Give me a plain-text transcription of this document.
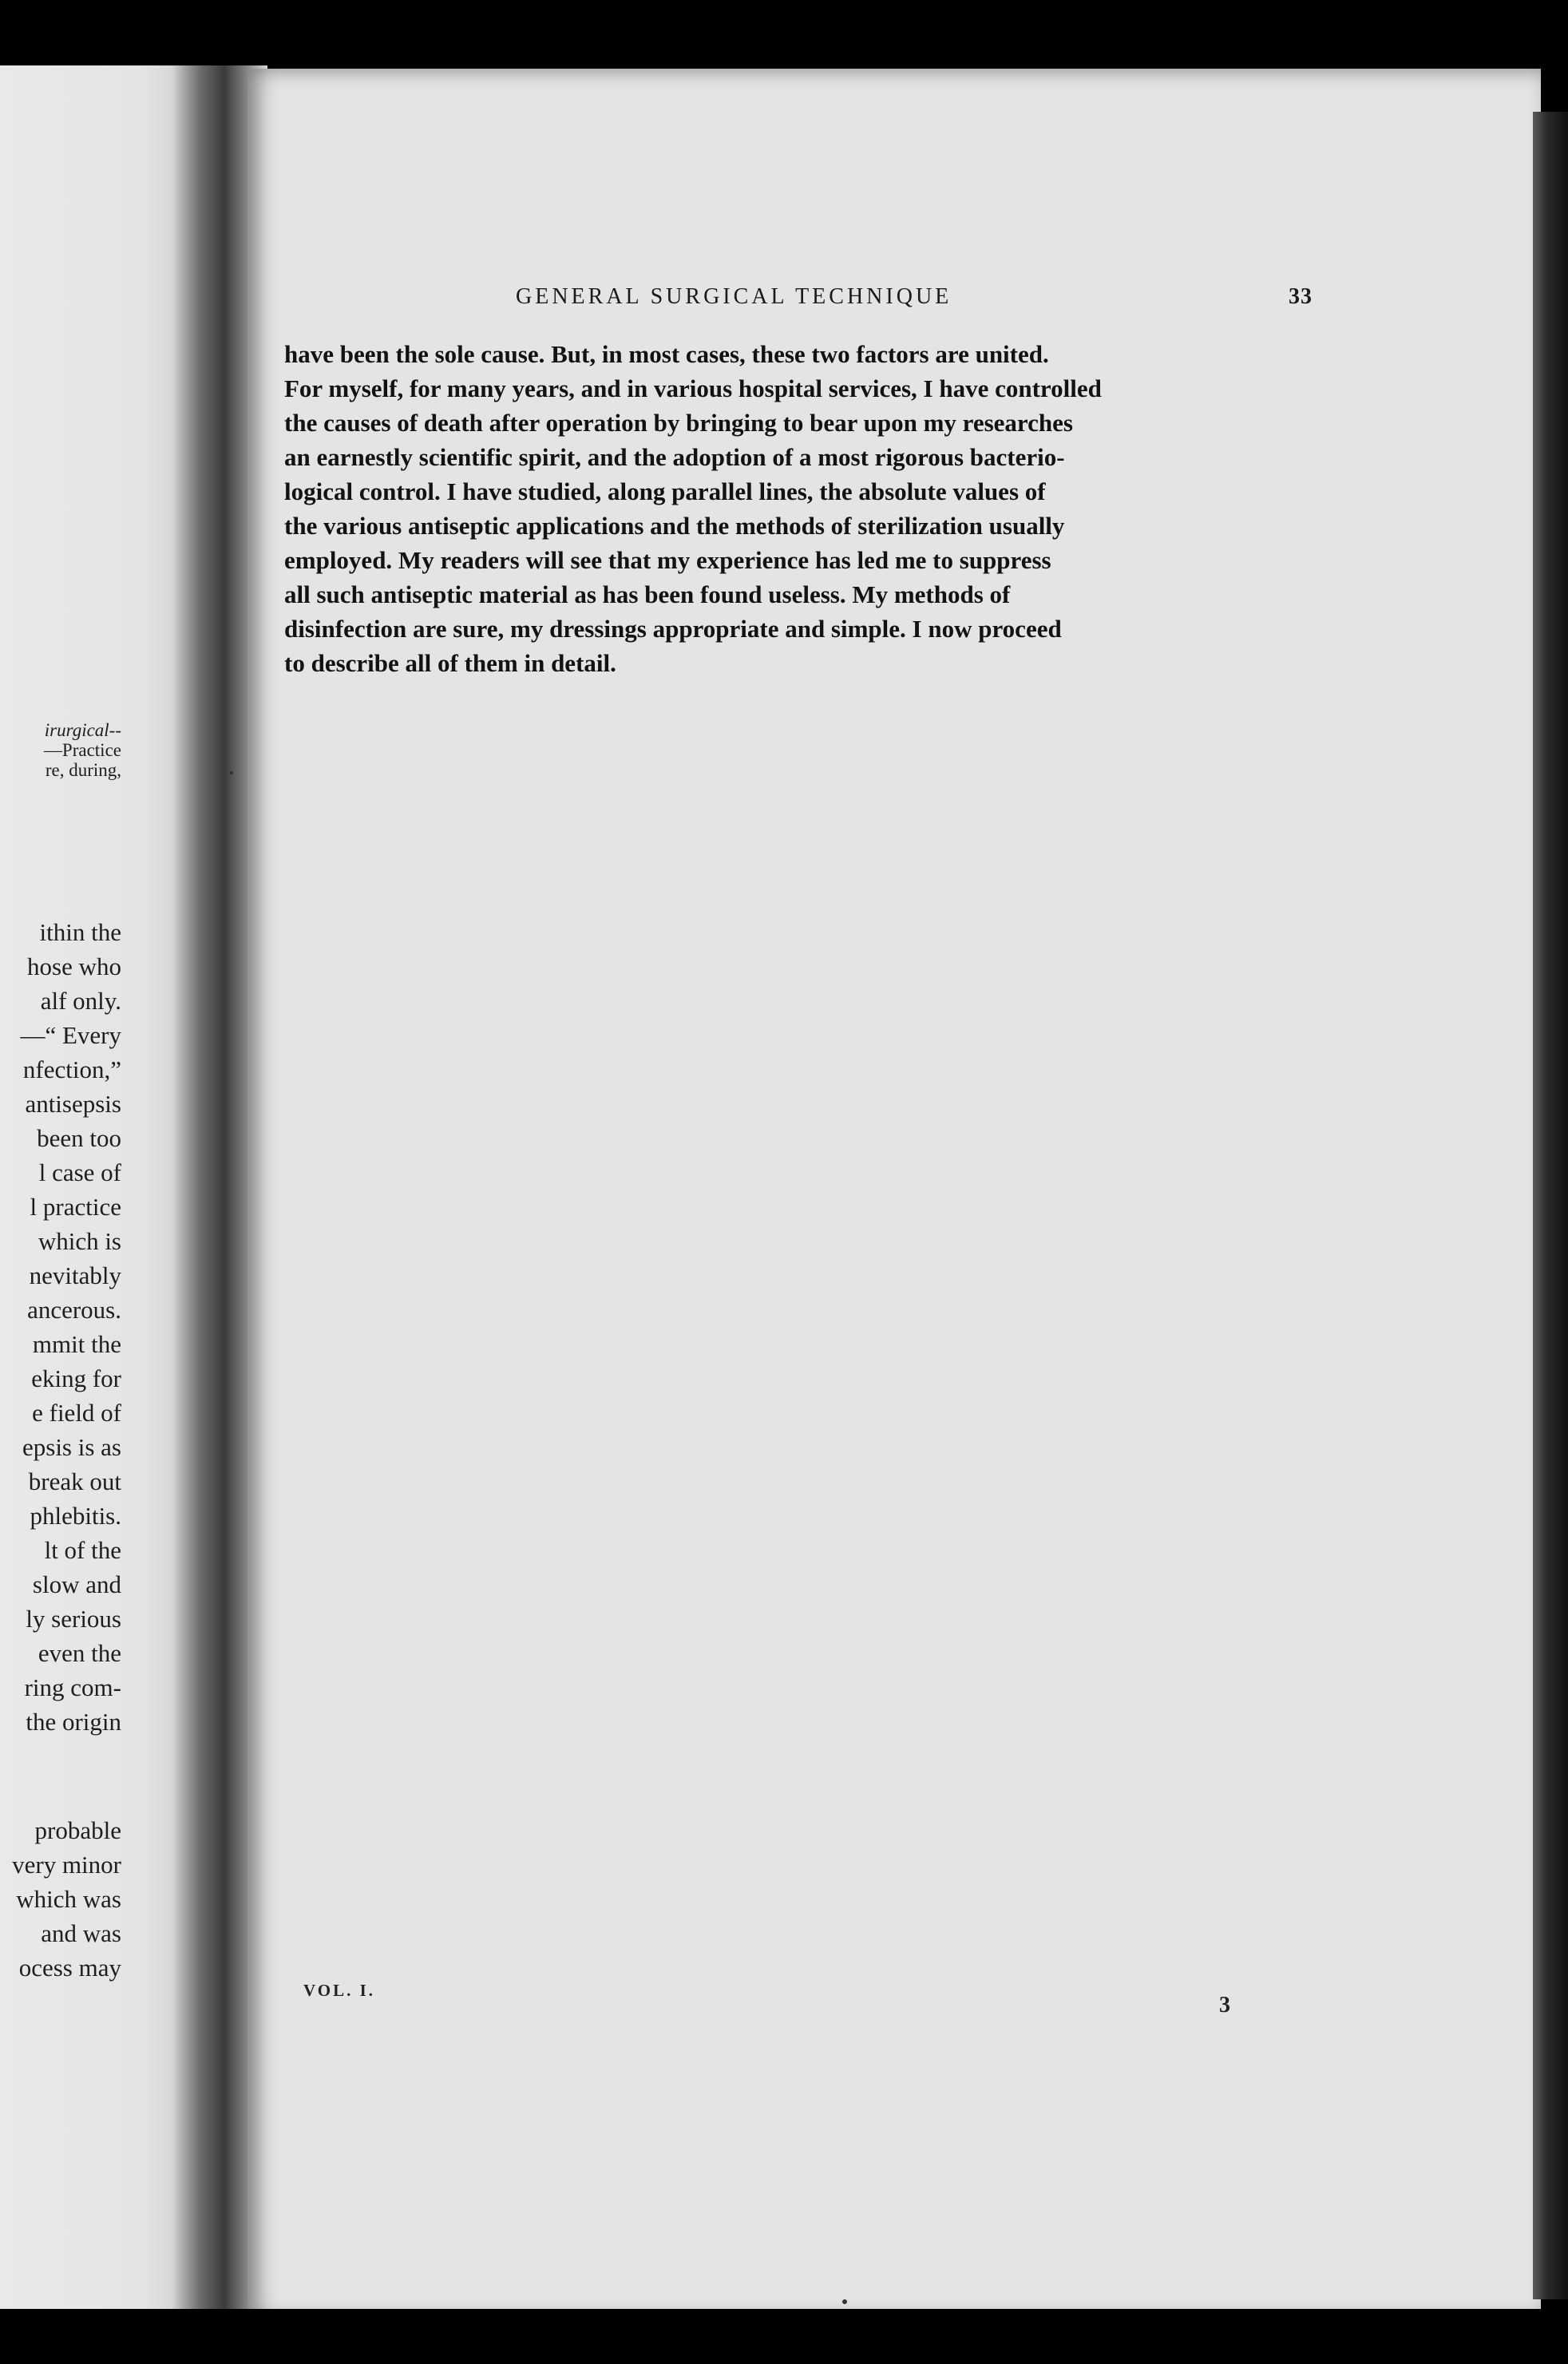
irurgical--
—Practice
re, during,
ithin the
hose who
alf only.
—“ Every
nfection,”
antisepsis
been too
l case of
l practice
which is
nevitably
ancerous.
mmit the
eking for
e field of
epsis is as
break out
phlebitis.
lt of the
slow and
ly serious
even the
ring com-
the origin
probable
very minor
which was
and was
ocess may
GENERAL SURGICAL TECHNIQUE	33

have been the sole cause. But, in most cases, these two factors are united.

For myself, for many years, and in various hospital services, I have controlled

the causes of death after operation by bringing to bear upon my researches

an earnestly scientific spirit, and the adoption of a most rigorous bacterio-

logical control. I have studied, along parallel lines, the absolute values of

the various antiseptic applications and the methods of sterilization usually

employed. My readers will see that my experience has led me to suppress

all such antiseptic material as has been found useless. My methods of

disinfection are sure, my dressings appropriate and simple. I now proceed

to describe all of them in detail.

VOL. I.
3
